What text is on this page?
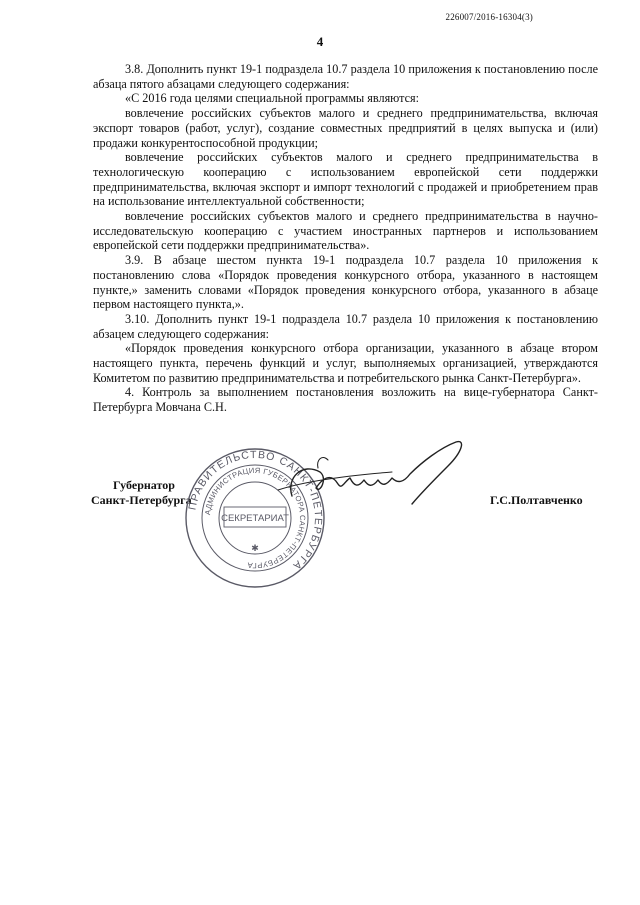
226007/2016-16304(3)
4

3.8. Дополнить пункт 19-1 подраздела 10.7 раздела 10 приложения к постановлению после абзаца пятого абзацами следующего содержания:

«С 2016 года целями специальной программы являются:

вовлечение российских субъектов малого и среднего предпринимательства, включая экспорт товаров (работ, услуг), создание совместных предприятий в целях выпуска и (или) продажи конкурентоспособной продукции;

вовлечение российских субъектов малого и среднего предпринимательства в технологическую кооперацию с использованием европейской сети поддержки предпринимательства, включая экспорт и импорт технологий с продажей и приобретением прав на использование интеллектуальной собственности;

вовлечение российских субъектов малого и среднего предпринимательства в научно-исследовательскую кооперацию с участием иностранных партнеров и использованием европейской сети поддержки предпринимательства».

3.9. В абзаце шестом пункта 19-1 подраздела 10.7 раздела 10 приложения к постановлению слова «Порядок проведения конкурсного отбора, указанного в настоящем пункте,» заменить словами «Порядок проведения конкурсного отбора, указанного в абзаце первом настоящего пункта,».

3.10. Дополнить пункт 19-1 подраздела 10.7 раздела 10 приложения к постановлению абзацем следующего содержания:

«Порядок проведения конкурсного отбора организации, указанного в абзаце втором настоящего пункта, перечень функций и услуг, выполняемых организацией, утверждаются Комитетом по развитию предпринимательства и потребительского рынка Санкт-Петербурга».

4. Контроль за выполнением постановления возложить на вице-губернатора Санкт-Петербурга Мовчана С.Н.

Губернатор
Санкт-Петербурга	Г.С.Полтавченко
ПРАВИТЕЛЬСТВО САНКТ-ПЕТЕРБУРГА
АДМИНИСТРАЦИЯ ГУБЕРНАТОРА САНКТ-ПЕТЕРБУРГА
СЕКРЕТАРИАТ
✱
